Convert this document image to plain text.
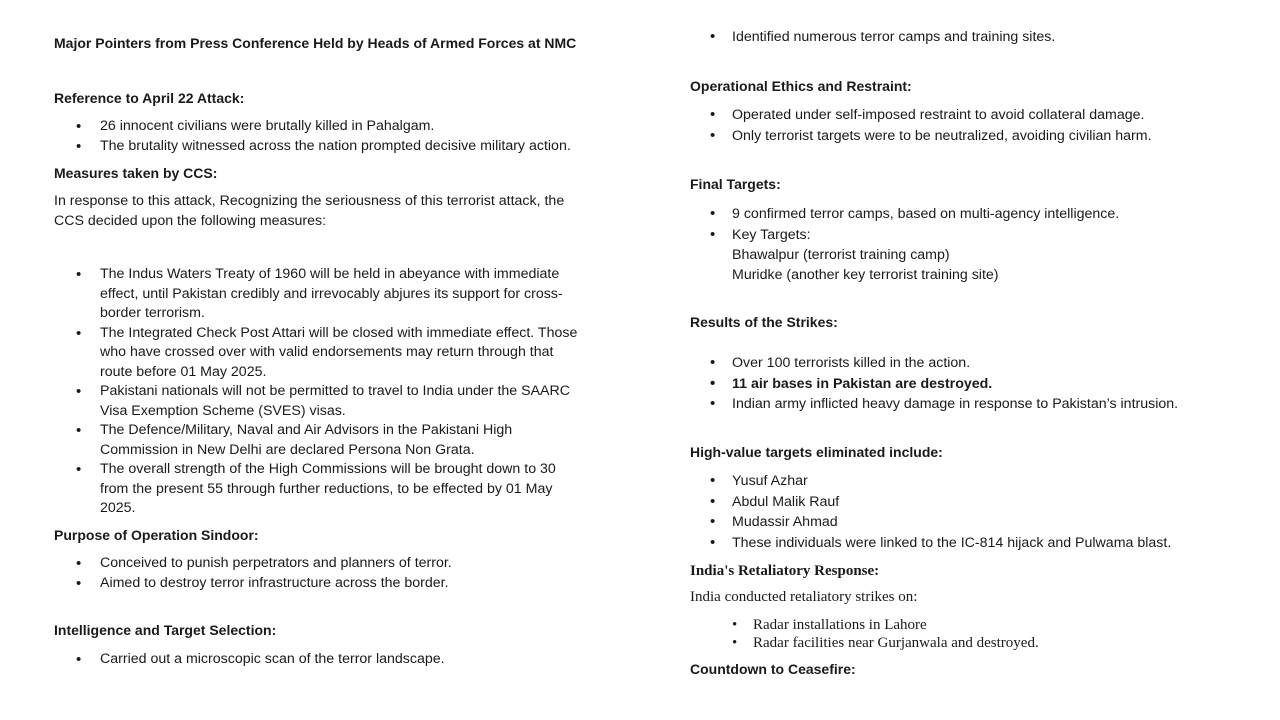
Major Pointers from Press Conference Held by Heads of Armed Forces at NMC

Reference to April 22 Attack:

• 26 innocent civilians were brutally killed in Pahalgam.
• The brutality witnessed across the nation prompted decisive military action.

Measures taken by CCS:

In response to this attack, Recognizing the seriousness of this terrorist attack, the

CCS decided upon the following measures:

• The Indus Waters Treaty of 1960 will be held in abeyance with immediate
effect, until Pakistan credibly and irrevocably abjures its support for cross-
border terrorism.
• The Integrated Check Post Attari will be closed with immediate effect. Those
who have crossed over with valid endorsements may return through that
route before 01 May 2025.
• Pakistani nationals will not be permitted to travel to India under the SAARC
Visa Exemption Scheme (SVES) visas.
• The Defence/Military, Naval and Air Advisors in the Pakistani High
Commission in New Delhi are declared Persona Non Grata.
• The overall strength of the High Commissions will be brought down to 30
from the present 55 through further reductions, to be effected by 01 May
2025.

Purpose of Operation Sindoor:

• Conceived to punish perpetrators and planners of terror.
• Aimed to destroy terror infrastructure across the border.

Intelligence and Target Selection:

• Carried out a microscopic scan of the terror landscape.
• Identified numerous terror camps and training sites.

Operational Ethics and Restraint:

• Operated under self-imposed restraint to avoid collateral damage.
• Only terrorist targets were to be neutralized, avoiding civilian harm.

Final Targets:

• 9 confirmed terror camps, based on multi-agency intelligence.
• Key Targets:
Bhawalpur (terrorist training camp)
Muridke (another key terrorist training site)

Results of the Strikes:

• Over 100 terrorists killed in the action.
• 11 air bases in Pakistan are destroyed.
• Indian army inflicted heavy damage in response to Pakistan’s intrusion.

High-value targets eliminated include:

• Yusuf Azhar
• Abdul Malik Rauf
• Mudassir Ahmad
• These individuals were linked to the IC-814 hijack and Pulwama blast.

India's Retaliatory Response:

India conducted retaliatory strikes on:

• Radar installations in Lahore
• Radar facilities near Gurjanwala and destroyed.

Countdown to Ceasefire:
